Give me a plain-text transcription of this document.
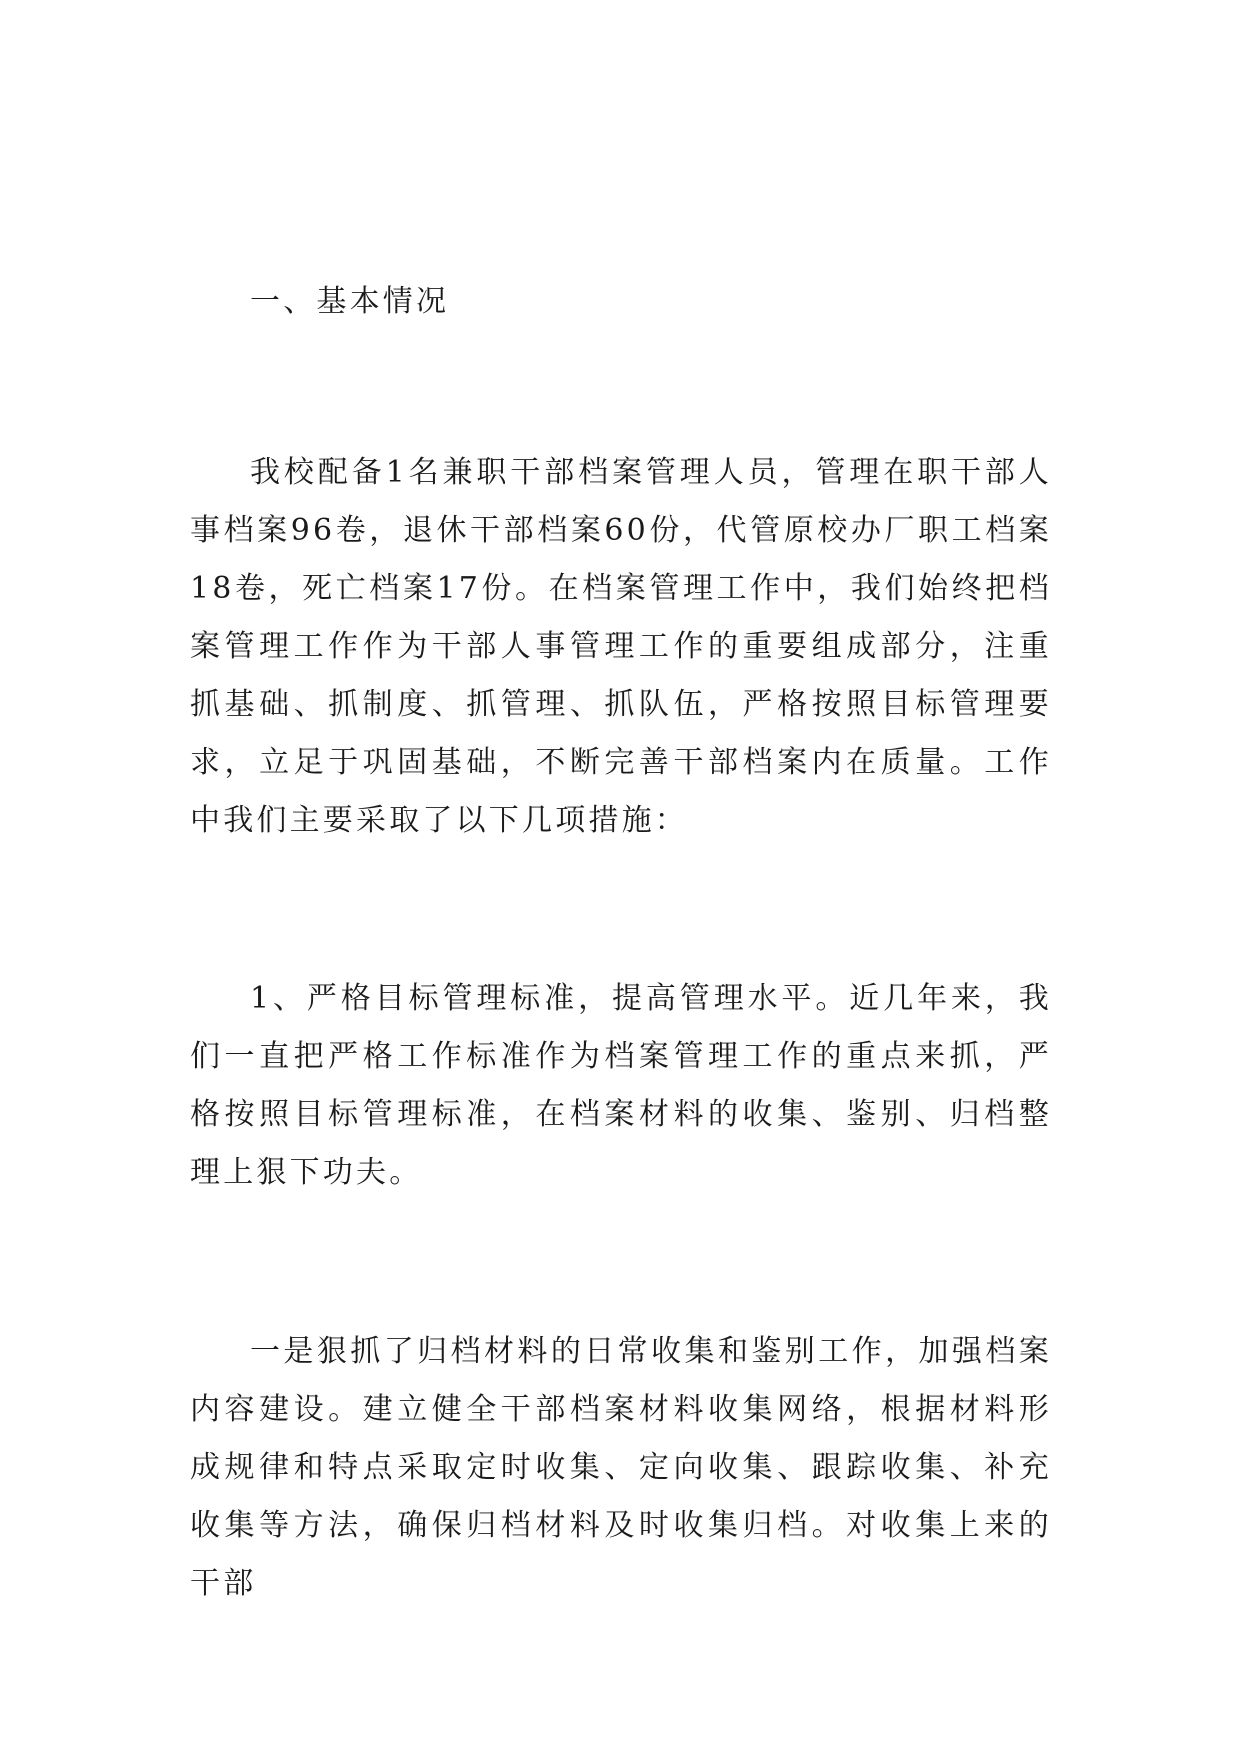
一、基本情况

我校配备1名兼职干部档案管理人员，管理在职干部人事档案96卷，退休干部档案60份，代管原校办厂职工档案18卷，死亡档案17份。在档案管理工作中，我们始终把档案管理工作作为干部人事管理工作的重要组成部分，注重抓基础、抓制度、抓管理、抓队伍，严格按照目标管理要求，立足于巩固基础，不断完善干部档案内在质量。工作中我们主要采取了以下几项措施：

1、严格目标管理标准，提高管理水平。近几年来，我们一直把严格工作标准作为档案管理工作的重点来抓，严格按照目标管理标准，在档案材料的收集、鉴别、归档整理上狠下功夫。

一是狠抓了归档材料的日常收集和鉴别工作，加强档案内容建设。建立健全干部档案材料收集网络，根据材料形成规律和特点采取定时收集、定向收集、跟踪收集、补充收集等方法，确保归档材料及时收集归档。对收集上来的干部
